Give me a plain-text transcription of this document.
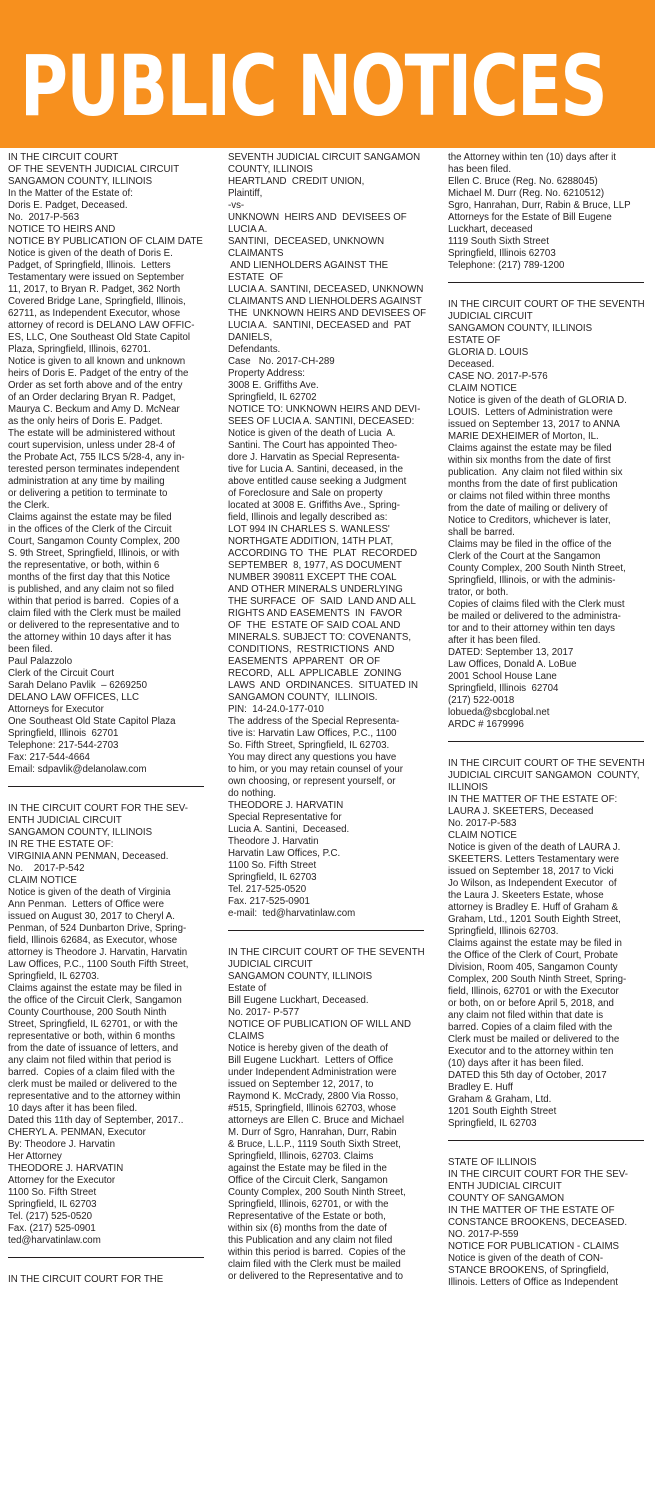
PUBLIC NOTICES
IN THE CIRCUIT COURT
OF THE SEVENTH JUDICIAL CIRCUIT
SANGAMON COUNTY, ILLINOIS
In the Matter of the Estate of:
Doris E. Padget, Deceased.
No.  2017-P-563
NOTICE TO HEIRS AND
NOTICE BY PUBLICATION OF CLAIM DATE
Notice is given of the death of Doris E.
Padget, of Springfield, Illinois.  Letters
Testamentary were issued on September
11, 2017, to Bryan R. Padget, 362 North
Covered Bridge Lane, Springfield, Illinois,
62711, as Independent Executor, whose
attorney of record is DELANO LAW OFFIC-
ES, LLC, One Southeast Old State Capitol
Plaza, Springfield, Illinois, 62701.
Notice is given to all known and unknown
heirs of Doris E. Padget of the entry of the
Order as set forth above and of the entry
of an Order declaring Bryan R. Padget,
Maurya C. Beckum and Amy D. McNear
as the only heirs of Doris E. Padget.
The estate will be administered without
court supervision, unless under 28-4 of
the Probate Act, 755 ILCS 5/28-4, any in-
terested person terminates independent
administration at any time by mailing
or delivering a petition to terminate to
the Clerk.
Claims against the estate may be filed
in the offices of the Clerk of the Circuit
Court, Sangamon County Complex, 200
S. 9th Street, Springfield, Illinois, or with
the representative, or both, within 6
months of the first day that this Notice
is published, and any claim not so filed
within that period is barred.  Copies of a
claim filed with the Clerk must be mailed
or delivered to the representative and to
the attorney within 10 days after it has
been filed.
Paul Palazzolo
Clerk of the Circuit Court
Sarah Delano Pavlik  – 6269250
DELANO LAW OFFICES, LLC
Attorneys for Executor
One Southeast Old State Capitol Plaza
Springfield, Illinois  62701
Telephone: 217-544-2703
Fax: 217-544-4664
Email: sdpavlik@delanolaw.com
IN THE CIRCUIT COURT FOR THE SEV-
ENTH JUDICIAL CIRCUIT
SANGAMON COUNTY, ILLINOIS
IN RE THE ESTATE OF:
VIRGINIA ANN PENMAN, Deceased.
No.    2017-P-542
CLAIM NOTICE
Notice is given of the death of Virginia
Ann Penman.  Letters of Office were
issued on August 30, 2017 to Cheryl A.
Penman, of 524 Dunbarton Drive, Spring-
field, Illinois 62684, as Executor, whose
attorney is Theodore J. Harvatin, Harvatin
Law Offices, P.C., 1100 South Fifth Street,
Springfield, IL 62703.
Claims against the estate may be filed in
the office of the Circuit Clerk, Sangamon
County Courthouse, 200 South Ninth
Street, Springfield, IL 62701, or with the
representative or both, within 6 months
from the date of issuance of letters, and
any claim not filed within that period is
barred.  Copies of a claim filed with the
clerk must be mailed or delivered to the
representative and to the attorney within
10 days after it has been filed.
Dated this 11th day of September, 2017..
CHERYL A. PENMAN, Executor
By: Theodore J. Harvatin
Her Attorney
THEODORE J. HARVATIN
Attorney for the Executor
1100 So. Fifth Street
Springfield, IL 62703
Tel. (217) 525-0520
Fax. (217) 525-0901
ted@harvatinlaw.com
IN THE CIRCUIT COURT FOR THE
SEVENTH JUDICIAL CIRCUIT SANGAMON
COUNTY, ILLINOIS
HEARTLAND  CREDIT UNION,
Plaintiff,
-vs-
UNKNOWN  HEIRS AND  DEVISEES OF
LUCIA A.
SANTINI,  DECEASED, UNKNOWN
CLAIMANTS
AND LIENHOLDERS AGAINST THE
ESTATE  OF
LUCIA A. SANTINI, DECEASED, UNKNOWN
CLAIMANTS AND LIENHOLDERS AGAINST
THE  UNKNOWN HEIRS AND DEVISEES OF
LUCIA A.  SANTINI, DECEASED and  PAT
DANIELS,
Defendants.
Case   No. 2017-CH-289
Property Address:
3008 E. Griffiths Ave.
Springfield, IL 62702
NOTICE TO: UNKNOWN HEIRS AND DEVI-
SEES OF LUCIA A. SANTINI, DECEASED:
Notice is given of the death of Lucia  A.
Santini. The Court has appointed Theo-
dore J. Harvatin as Special Representa-
tive for Lucia A. Santini, deceased, in the
above entitled cause seeking a Judgment
of Foreclosure and Sale on property
located at 3008 E. Griffiths Ave., Spring-
field, Illinois and legally described as:
LOT 994 IN CHARLES S. WANLESS'
NORTHGATE ADDITION, 14TH PLAT,
ACCORDING TO  THE  PLAT  RECORDED
SEPTEMBER  8, 1977, AS DOCUMENT
NUMBER 390811 EXCEPT THE COAL
AND OTHER MINERALS UNDERLYING
THE SURFACE  OF  SAID  LAND AND ALL
RIGHTS AND EASEMENTS  IN  FAVOR
OF  THE  ESTATE OF SAID COAL AND
MINERALS. SUBJECT TO: COVENANTS,
CONDITIONS,  RESTRICTIONS  AND
EASEMENTS  APPARENT  OR OF
RECORD,  ALL  APPLICABLE  ZONING
LAWS  AND  ORDINANCES.  SITUATED IN
SANGAMON COUNTY,  ILLINOIS.
PIN:  14-24.0-177-010
The address of the Special Representa-
tive is: Harvatin Law Offices, P.C., 1100
So. Fifth Street, Springfield, IL 62703.
You may direct any questions you have
to him, or you may retain counsel of your
own choosing, or represent yourself, or
do nothing.
THEODORE J. HARVATIN
Special Representative for
Lucia A. Santini,  Deceased.
Theodore J. Harvatin
Harvatin Law Offices, P.C.
1100 So. Fifth Street
Springfield, IL 62703
Tel. 217-525-0520
Fax. 217-525-0901
e-mail:  ted@harvatinlaw.com
IN THE CIRCUIT COURT OF THE SEVENTH
JUDICIAL CIRCUIT
SANGAMON COUNTY, ILLINOIS
Estate of
Bill Eugene Luckhart, Deceased.
No. 2017- P-577
NOTICE OF PUBLICATION OF WILL AND
CLAIMS
Notice is hereby given of the death of
Bill Eugene Luckhart.  Letters of Office
under Independent Administration were
issued on September 12, 2017, to
Raymond K. McCrady, 2800 Via Rosso,
#515, Springfield, Illinois 62703, whose
attorneys are Ellen C. Bruce and Michael
M. Durr of Sgro, Hanrahan, Durr, Rabin
& Bruce, L.L.P., 1119 South Sixth Street,
Springfield, Illinois, 62703. Claims
against the Estate may be filed in the
Office of the Circuit Clerk, Sangamon
County Complex, 200 South Ninth Street,
Springfield, Illinois, 62701, or with the
Representative of the Estate or both,
within six (6) months from the date of
this Publication and any claim not filed
within this period is barred.  Copies of the
claim filed with the Clerk must be mailed
or delivered to the Representative and to
the Attorney within ten (10) days after it
has been filed.
Ellen C. Bruce (Reg. No. 6288045)
Michael M. Durr (Reg. No. 6210512)
Sgro, Hanrahan, Durr, Rabin & Bruce, LLP
Attorneys for the Estate of Bill Eugene
Luckhart, deceased
1119 South Sixth Street
Springfield, Illinois 62703
Telephone: (217) 789-1200
IN THE CIRCUIT COURT OF THE SEVENTH
JUDICIAL CIRCUIT
SANGAMON COUNTY, ILLINOIS
ESTATE OF
GLORIA D. LOUIS
Deceased.
CASE NO. 2017-P-576
CLAIM NOTICE
Notice is given of the death of GLORIA D.
LOUIS.  Letters of Administration were
issued on September 13, 2017 to ANNA
MARIE DEXHEIMER of Morton, IL.
Claims against the estate may be filed
within six months from the date of first
publication.  Any claim not filed within six
months from the date of first publication
or claims not filed within three months
from the date of mailing or delivery of
Notice to Creditors, whichever is later,
shall be barred.
Claims may be filed in the office of the
Clerk of the Court at the Sangamon
County Complex, 200 South Ninth Street,
Springfield, Illinois, or with the adminis-
trator, or both.
Copies of claims filed with the Clerk must
be mailed or delivered to the administra-
tor and to their attorney within ten days
after it has been filed.
DATED: September 13, 2017
Law Offices, Donald A. LoBue
2001 School House Lane
Springfield, Illinois  62704
(217) 522-0018
lobueda@sbcglobal.net
ARDC # 1679996
IN THE CIRCUIT COURT OF THE SEVENTH
JUDICIAL CIRCUIT SANGAMON  COUNTY,
ILLINOIS
IN THE MATTER OF THE ESTATE OF:
LAURA J. SKEETERS, Deceased
No. 2017-P-583
CLAIM NOTICE
Notice is given of the death of LAURA J.
SKEETERS. Letters Testamentary were
issued on September 18, 2017 to Vicki
Jo Wilson, as Independent Executor  of
the Laura J. Skeeters Estate, whose
attorney is Bradley E. Huff of Graham &
Graham, Ltd., 1201 South Eighth Street,
Springfield, Illinois 62703.
Claims against the estate may be filed in
the Office of the Clerk of Court, Probate
Division, Room 405, Sangamon County
Complex, 200 South Ninth Street, Spring-
field, Illinois, 62701 or with the Executor
or both, on or before April 5, 2018, and
any claim not filed within that date is
barred. Copies of a claim filed with the
Clerk must be mailed or delivered to the
Executor and to the attorney within ten
(10) days after it has been filed.
DATED this 5th day of October, 2017
Bradley E. Huff
Graham & Graham, Ltd.
1201 South Eighth Street
Springfield, IL 62703
STATE OF ILLINOIS
IN THE CIRCUIT COURT FOR THE SEV-
ENTH JUDICIAL CIRCUIT
COUNTY OF SANGAMON
IN THE MATTER OF THE ESTATE OF
CONSTANCE BROOKENS, DECEASED.
NO. 2017-P-559
NOTICE FOR PUBLICATION - CLAIMS
Notice is given of the death of CON-
STANCE BROOKENS, of Springfield,
Illinois. Letters of Office as Independent
